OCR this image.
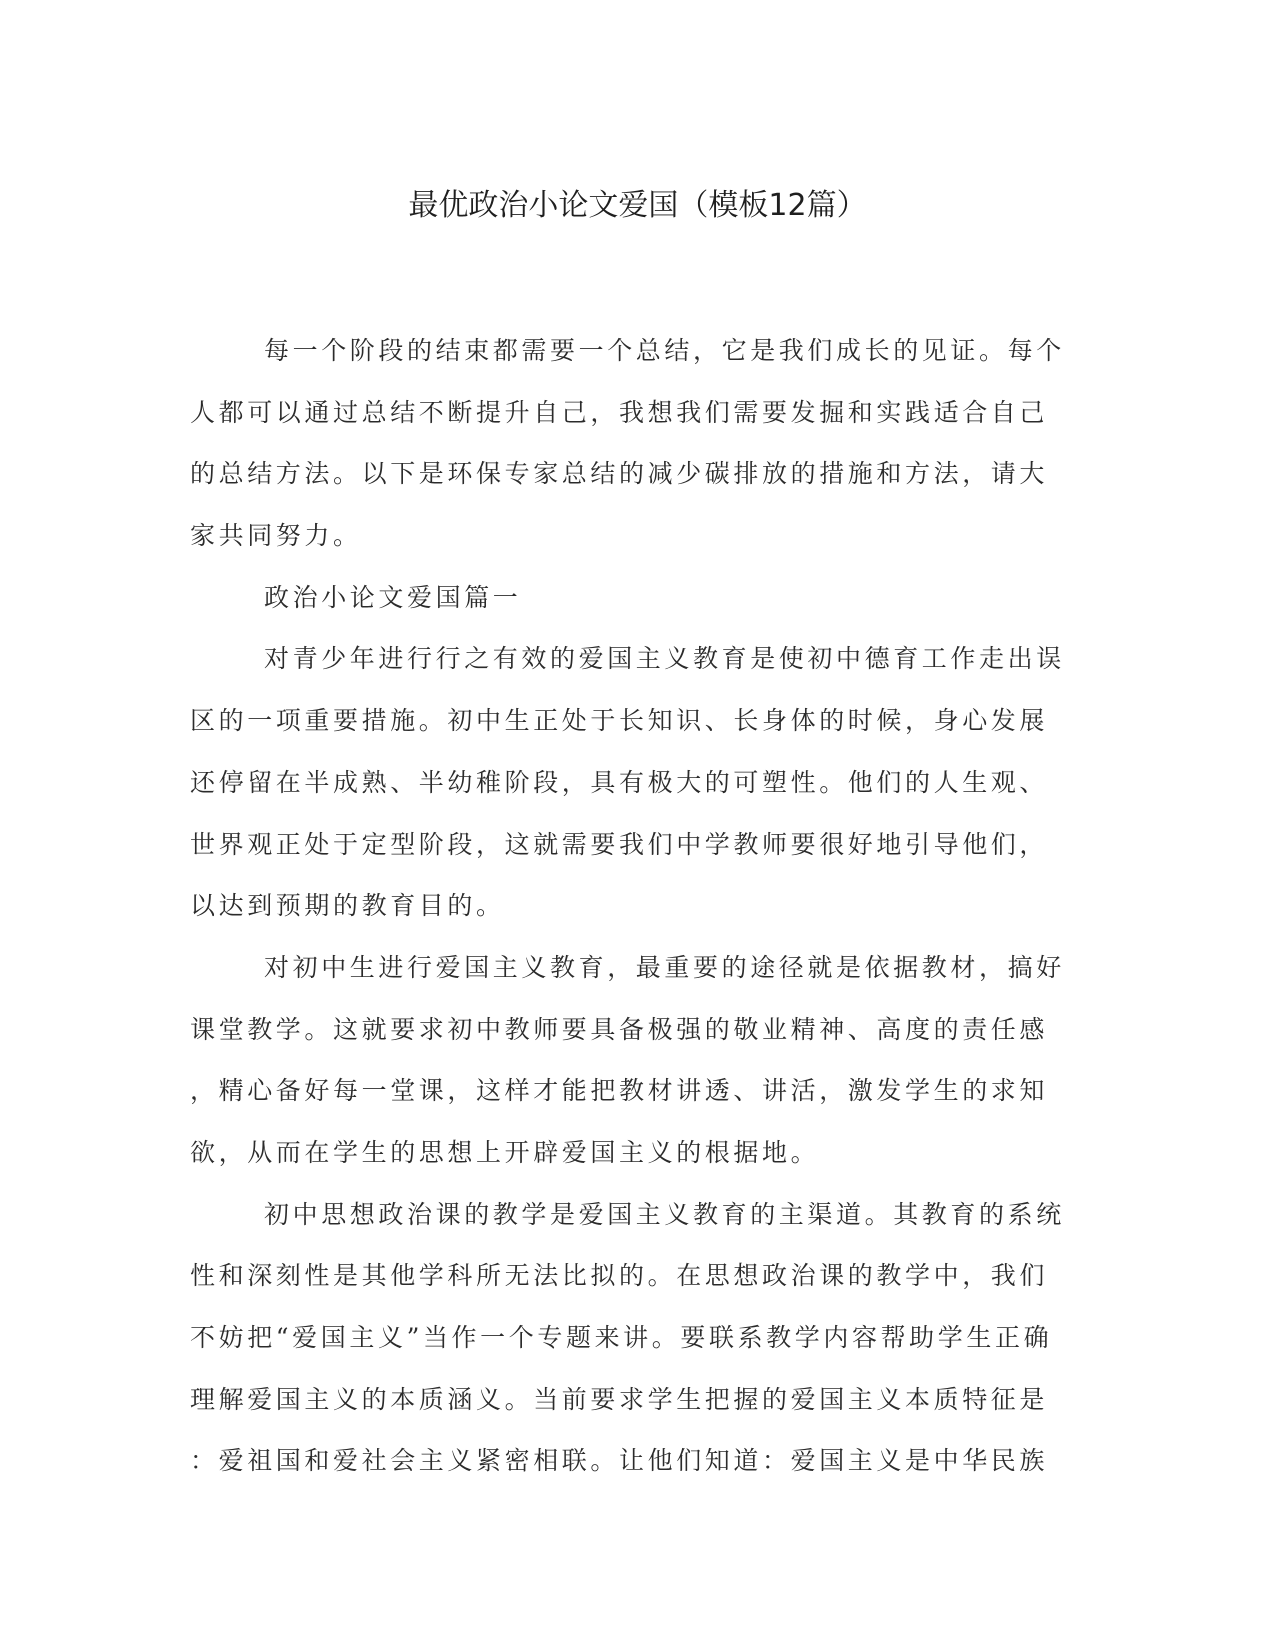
最优政治小论文爱国（模板12篇）
每一个阶段的结束都需要一个总结，它是我们成长的见证。每个
人都可以通过总结不断提升自己，我想我们需要发掘和实践适合自己
的总结方法。以下是环保专家总结的减少碳排放的措施和方法，请大
家共同努力。
政治小论文爱国篇一
对青少年进行行之有效的爱国主义教育是使初中德育工作走出误
区的一项重要措施。初中生正处于长知识、长身体的时候，身心发展
还停留在半成熟、半幼稚阶段，具有极大的可塑性。他们的人生观、
世界观正处于定型阶段，这就需要我们中学教师要很好地引导他们，
以达到预期的教育目的。
对初中生进行爱国主义教育，最重要的途径就是依据教材，搞好
课堂教学。这就要求初中教师要具备极强的敬业精神、高度的责任感
，精心备好每一堂课，这样才能把教材讲透、讲活，激发学生的求知
欲，从而在学生的思想上开辟爱国主义的根据地。
初中思想政治课的教学是爱国主义教育的主渠道。其教育的系统
性和深刻性是其他学科所无法比拟的。在思想政治课的教学中，我们
不妨把“爱国主义”当作一个专题来讲。要联系教学内容帮助学生正确
理解爱国主义的本质涵义。当前要求学生把握的爱国主义本质特征是
：爱祖国和爱社会主义紧密相联。让他们知道：爱国主义是中华民族
